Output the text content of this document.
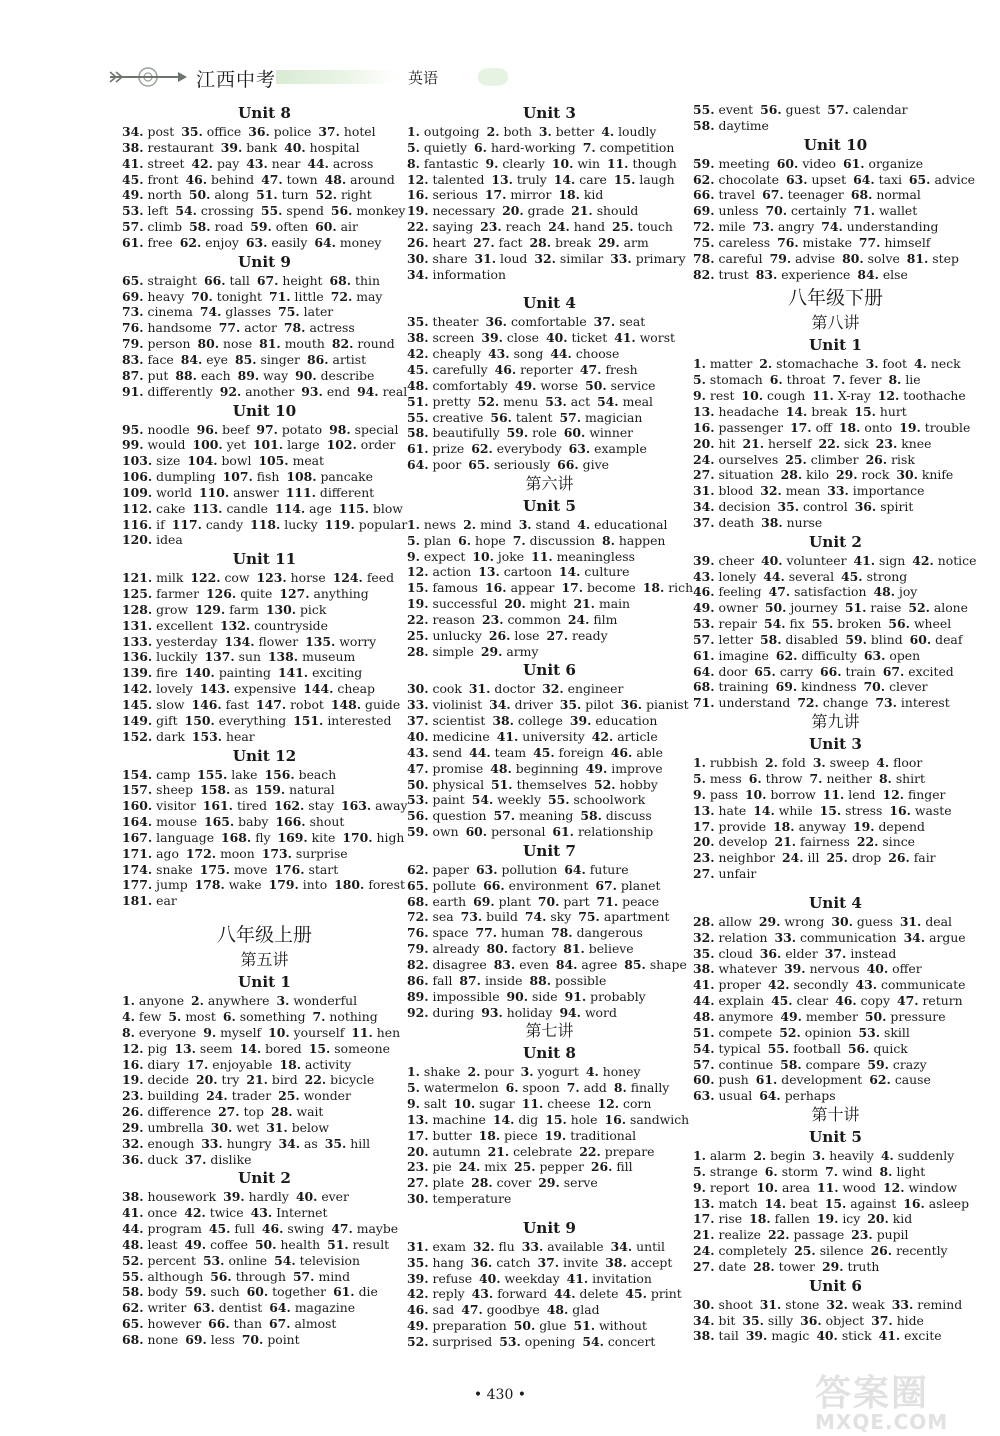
江西中考	英语
Unit 8
34. post 35. office 36. police 37. hotel
38. restaurant 39. bank 40. hospital
41. street 42. pay 43. near 44. across
45. front 46. behind 47. town 48. around
49. north 50. along 51. turn 52. right
53. left 54. crossing 55. spend 56. monkey
57. climb 58. road 59. often 60. air
61. free 62. enjoy 63. easily 64. money
Unit 9
65. straight 66. tall 67. height 68. thin
69. heavy 70. tonight 71. little 72. may
73. cinema 74. glasses 75. later
76. handsome 77. actor 78. actress
79. person 80. nose 81. mouth 82. round
83. face 84. eye 85. singer 86. artist
87. put 88. each 89. way 90. describe
91. differently 92. another 93. end 94. real
Unit 10
95. noodle 96. beef 97. potato 98. special
99. would 100. yet 101. large 102. order
103. size 104. bowl 105. meat
106. dumpling 107. fish 108. pancake
109. world 110. answer 111. different
112. cake 113. candle 114. age 115. blow
116. if 117. candy 118. lucky 119. popular
120. idea
Unit 11
121. milk 122. cow 123. horse 124. feed
125. farmer 126. quite 127. anything
128. grow 129. farm 130. pick
131. excellent 132. countryside
133. yesterday 134. flower 135. worry
136. luckily 137. sun 138. museum
139. fire 140. painting 141. exciting
142. lovely 143. expensive 144. cheap
145. slow 146. fast 147. robot 148. guide
149. gift 150. everything 151. interested
152. dark 153. hear
Unit 12
154. camp 155. lake 156. beach
157. sheep 158. as 159. natural
160. visitor 161. tired 162. stay 163. away
164. mouse 165. baby 166. shout
167. language 168. fly 169. kite 170. high
171. ago 172. moon 173. surprise
174. snake 175. move 176. start
177. jump 178. wake 179. into 180. forest
181. ear
八年级上册
第五讲
Unit 1
1. anyone 2. anywhere 3. wonderful
4. few 5. most 6. something 7. nothing
8. everyone 9. myself 10. yourself 11. hen
12. pig 13. seem 14. bored 15. someone
16. diary 17. enjoyable 18. activity
19. decide 20. try 21. bird 22. bicycle
23. building 24. trader 25. wonder
26. difference 27. top 28. wait
29. umbrella 30. wet 31. below
32. enough 33. hungry 34. as 35. hill
36. duck 37. dislike
Unit 2
38. housework 39. hardly 40. ever
41. once 42. twice 43. Internet
44. program 45. full 46. swing 47. maybe
48. least 49. coffee 50. health 51. result
52. percent 53. online 54. television
55. although 56. through 57. mind
58. body 59. such 60. together 61. die
62. writer 63. dentist 64. magazine
65. however 66. than 67. almost
68. none 69. less 70. point
Unit 3
1. outgoing 2. both 3. better 4. loudly
5. quietly 6. hard-working 7. competition
8. fantastic 9. clearly 10. win 11. though
12. talented 13. truly 14. care 15. laugh
16. serious 17. mirror 18. kid
19. necessary 20. grade 21. should
22. saying 23. reach 24. hand 25. touch
26. heart 27. fact 28. break 29. arm
30. share 31. loud 32. similar 33. primary
34. information
Unit 4
35. theater 36. comfortable 37. seat
38. screen 39. close 40. ticket 41. worst
42. cheaply 43. song 44. choose
45. carefully 46. reporter 47. fresh
48. comfortably 49. worse 50. service
51. pretty 52. menu 53. act 54. meal
55. creative 56. talent 57. magician
58. beautifully 59. role 60. winner
61. prize 62. everybody 63. example
64. poor 65. seriously 66. give
第六讲
Unit 5
1. news 2. mind 3. stand 4. educational
5. plan 6. hope 7. discussion 8. happen
9. expect 10. joke 11. meaningless
12. action 13. cartoon 14. culture
15. famous 16. appear 17. become 18. rich
19. successful 20. might 21. main
22. reason 23. common 24. film
25. unlucky 26. lose 27. ready
28. simple 29. army
Unit 6
30. cook 31. doctor 32. engineer
33. violinist 34. driver 35. pilot 36. pianist
37. scientist 38. college 39. education
40. medicine 41. university 42. article
43. send 44. team 45. foreign 46. able
47. promise 48. beginning 49. improve
50. physical 51. themselves 52. hobby
53. paint 54. weekly 55. schoolwork
56. question 57. meaning 58. discuss
59. own 60. personal 61. relationship
Unit 7
62. paper 63. pollution 64. future
65. pollute 66. environment 67. planet
68. earth 69. plant 70. part 71. peace
72. sea 73. build 74. sky 75. apartment
76. space 77. human 78. dangerous
79. already 80. factory 81. believe
82. disagree 83. even 84. agree 85. shape
86. fall 87. inside 88. possible
89. impossible 90. side 91. probably
92. during 93. holiday 94. word
第七讲
Unit 8
1. shake 2. pour 3. yogurt 4. honey
5. watermelon 6. spoon 7. add 8. finally
9. salt 10. sugar 11. cheese 12. corn
13. machine 14. dig 15. hole 16. sandwich
17. butter 18. piece 19. traditional
20. autumn 21. celebrate 22. prepare
23. pie 24. mix 25. pepper 26. fill
27. plate 28. cover 29. serve
30. temperature
Unit 9
31. exam 32. flu 33. available 34. until
35. hang 36. catch 37. invite 38. accept
39. refuse 40. weekday 41. invitation
42. reply 43. forward 44. delete 45. print
46. sad 47. goodbye 48. glad
49. preparation 50. glue 51. without
52. surprised 53. opening 54. concert
55. event 56. guest 57. calendar
58. daytime
Unit 10
59. meeting 60. video 61. organize
62. chocolate 63. upset 64. taxi 65. advice
66. travel 67. teenager 68. normal
69. unless 70. certainly 71. wallet
72. mile 73. angry 74. understanding
75. careless 76. mistake 77. himself
78. careful 79. advise 80. solve 81. step
82. trust 83. experience 84. else
八年级下册
第八讲
Unit 1
1. matter 2. stomachache 3. foot 4. neck
5. stomach 6. throat 7. fever 8. lie
9. rest 10. cough 11. X-ray 12. toothache
13. headache 14. break 15. hurt
16. passenger 17. off 18. onto 19. trouble
20. hit 21. herself 22. sick 23. knee
24. ourselves 25. climber 26. risk
27. situation 28. kilo 29. rock 30. knife
31. blood 32. mean 33. importance
34. decision 35. control 36. spirit
37. death 38. nurse
Unit 2
39. cheer 40. volunteer 41. sign 42. notice
43. lonely 44. several 45. strong
46. feeling 47. satisfaction 48. joy
49. owner 50. journey 51. raise 52. alone
53. repair 54. fix 55. broken 56. wheel
57. letter 58. disabled 59. blind 60. deaf
61. imagine 62. difficulty 63. open
64. door 65. carry 66. train 67. excited
68. training 69. kindness 70. clever
71. understand 72. change 73. interest
第九讲
Unit 3
1. rubbish 2. fold 3. sweep 4. floor
5. mess 6. throw 7. neither 8. shirt
9. pass 10. borrow 11. lend 12. finger
13. hate 14. while 15. stress 16. waste
17. provide 18. anyway 19. depend
20. develop 21. fairness 22. since
23. neighbor 24. ill 25. drop 26. fair
27. unfair
Unit 4
28. allow 29. wrong 30. guess 31. deal
32. relation 33. communication 34. argue
35. cloud 36. elder 37. instead
38. whatever 39. nervous 40. offer
41. proper 42. secondly 43. communicate
44. explain 45. clear 46. copy 47. return
48. anymore 49. member 50. pressure
51. compete 52. opinion 53. skill
54. typical 55. football 56. quick
57. continue 58. compare 59. crazy
60. push 61. development 62. cause
63. usual 64. perhaps
第十讲
Unit 5
1. alarm 2. begin 3. heavily 4. suddenly
5. strange 6. storm 7. wind 8. light
9. report 10. area 11. wood 12. window
13. match 14. beat 15. against 16. asleep
17. rise 18. fallen 19. icy 20. kid
21. realize 22. passage 23. pupil
24. completely 25. silence 26. recently
27. date 28. tower 29. truth
Unit 6
30. shoot 31. stone 32. weak 33. remind
34. bit 35. silly 36. object 37. hide
38. tail 39. magic 40. stick 41. excite
• 430 •	答案圈
MXQE.COM
